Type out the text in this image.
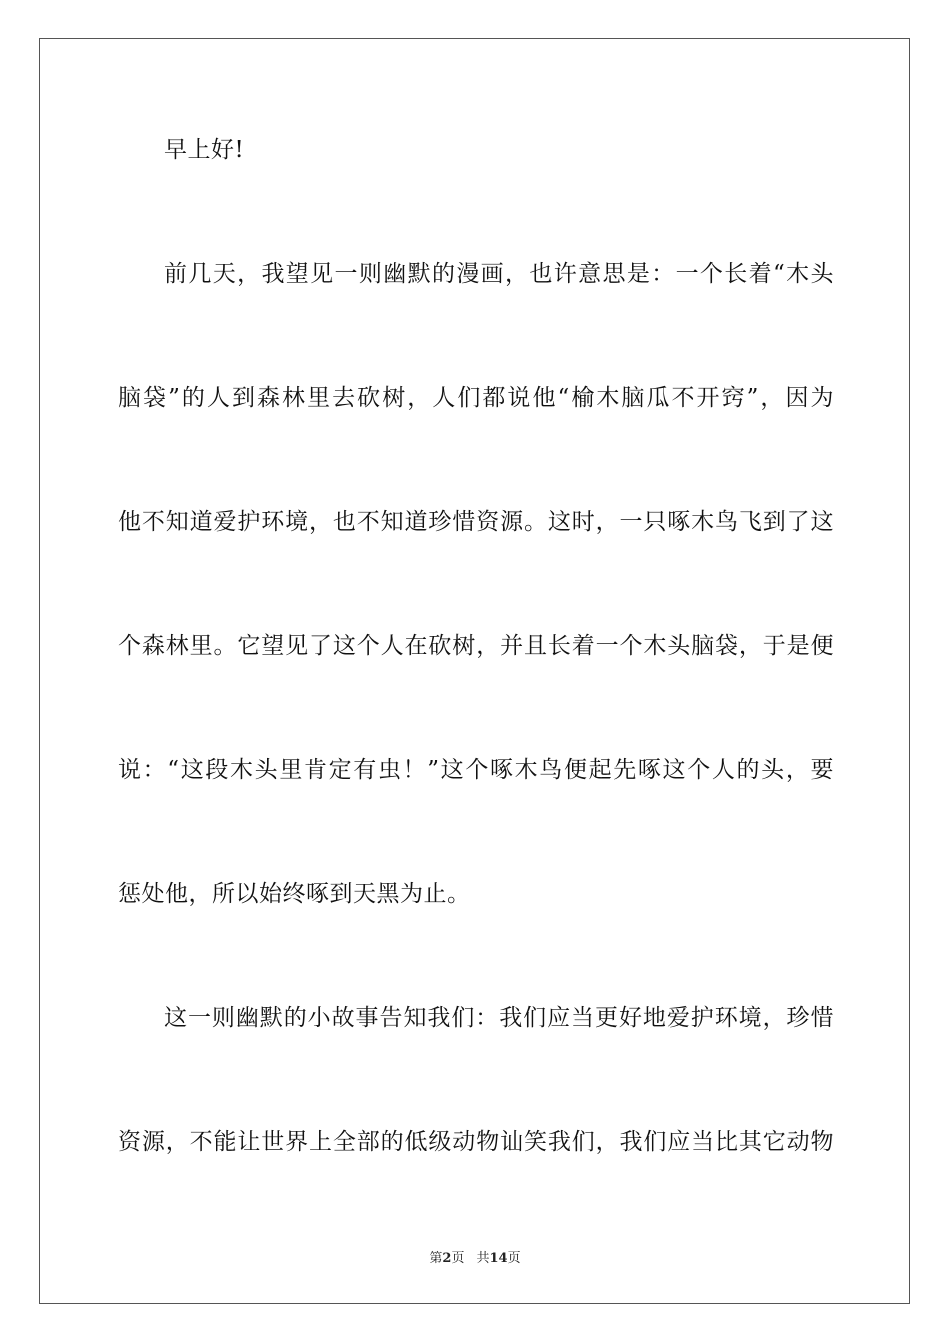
早上好!
前几天，我望见一则幽默的漫画，也许意思是：一个长着“木头
脑袋”的人到森林里去砍树，人们都说他“榆木脑瓜不开窍”，因为
他不知道爱护环境，也不知道珍惜资源。这时，一只啄木鸟飞到了这
个森林里。它望见了这个人在砍树，并且长着一个木头脑袋，于是便
说：“这段木头里肯定有虫！”这个啄木鸟便起先啄这个人的头，要
惩处他，所以始终啄到天黑为止。
这一则幽默的小故事告知我们：我们应当更好地爱护环境，珍惜
资源，不能让世界上全部的低级动物讪笑我们，我们应当比其它动物
第2页 共14页
